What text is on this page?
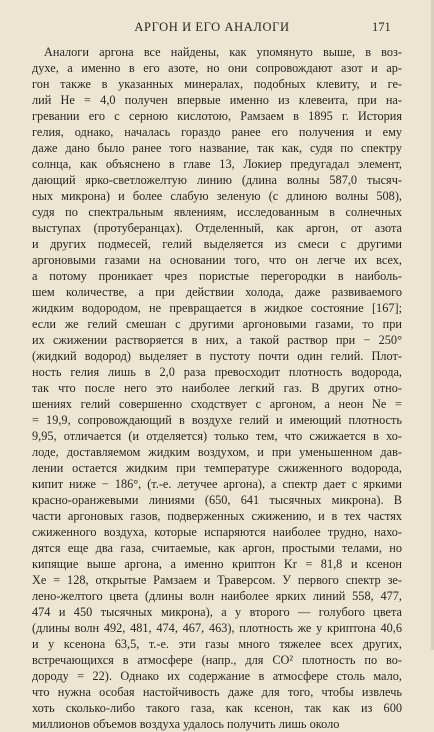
АРГОН И ЕГО АНАЛОГИ	171
Аналоги аргона все найдены, как упомянуто выше, в воз-
духе, а именно в его азоте, но они сопровождают азот и ар-
гон также в указанных минералах, подобных клевиту, и ге-
лий He = 4,0 получен впервые именно из клевеита, при на-
гревании его с серною кислотою, Рамзаем в 1895 г. История
гелия, однако, началась гораздо ранее его получения и ему
даже дано было ранее того название, так как, судя по спектру
солнца, как объяснено в главе 13, Локиер предугадал элемент,
дающий ярко-светложелтую линию (длина волны 587,0 тысяч-
ных микрона) и более слабую зеленую (с длиною волны 508),
судя по спектральным явлениям, исследованным в солнечных
выступах (протуберанцах). Отделенный, как аргон, от азота
и других подмесей, гелий выделяется из смеси с другими
аргоновыми газами на основании того, что он легче их всех,
а потому проникает чрез пористые перегородки в наиболь-
шем количестве, а при действии холода, даже развиваемого
жидким водородом, не превращается в жидкое состояние [167];
если же гелий смешан с другими аргоновыми газами, то при
их сжижении растворяется в них, а такой раствор при − 250°
(жидкий водород) выделяет в пустоту почти один гелий. Плот-
ность гелия лишь в 2,0 раза превосходит плотность водорода,
так что после него это наиболее легкий газ. В других отно-
шениях гелий совершенно сходствует с аргоном, а неон Ne =
= 19,9, сопровождающий в воздухе гелий и имеющий плотность
9,95, отличается (и отделяется) только тем, что сжижается в хо-
лоде, доставляемом жидким воздухом, и при уменьшенном дав-
лении остается жидким при температуре сжиженного водорода,
кипит ниже − 186°, (т.-е. летучее аргона), а спектр дает с яркими
красно-оранжевыми линиями (650, 641 тысячных микрона). В
части аргоновых газов, подверженных сжижению, и в тех частях
сжиженного воздуха, которые испаряются наиболее трудно, нахо-
дятся еще два газа, считаемые, как аргон, простыми телами, но
кипящие выше аргона, а именно криптон Kr = 81,8 и ксенон
Xe = 128, открытые Рамзаем и Траверсом. У первого спектр зе-
лено-желтого цвета (длины волн наиболее ярких линий 558, 477,
474 и 450 тысячных микрона), а у второго — голубого цвета
(длины волн 492, 481, 474, 467, 463), плотность же у криптона 40,6
и у ксенона 63,5, т.-е. эти газы много тяжелее всех других,
встречающихся в атмосфере (напр., для CO² плотность по во-
дороду = 22). Однако их содержание в атмосфере столь мало,
что нужна особая настойчивость даже для того, чтобы извлечь
хоть сколько-либо такого газа, как ксенон, так как из 600
миллионов объемов воздуха удалось получить лишь около
